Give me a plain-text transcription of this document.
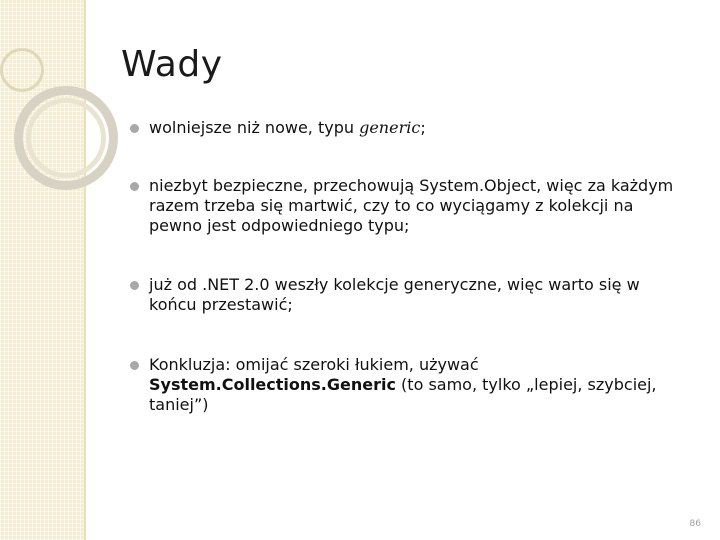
Wady
wolniejsze niż nowe, typu generic;
niezbyt bezpieczne, przechowują System.Object, więc za każdym razem trzeba się martwić, czy to co wyciągamy z kolekcji na pewno jest odpowiedniego typu;
już od .NET 2.0 weszły kolekcje generyczne, więc warto się w końcu przestawić;
Konkluzja: omijać szeroki łukiem, używać System.Collections.Generic (to samo, tylko „lepiej, szybciej, taniej”)
86
